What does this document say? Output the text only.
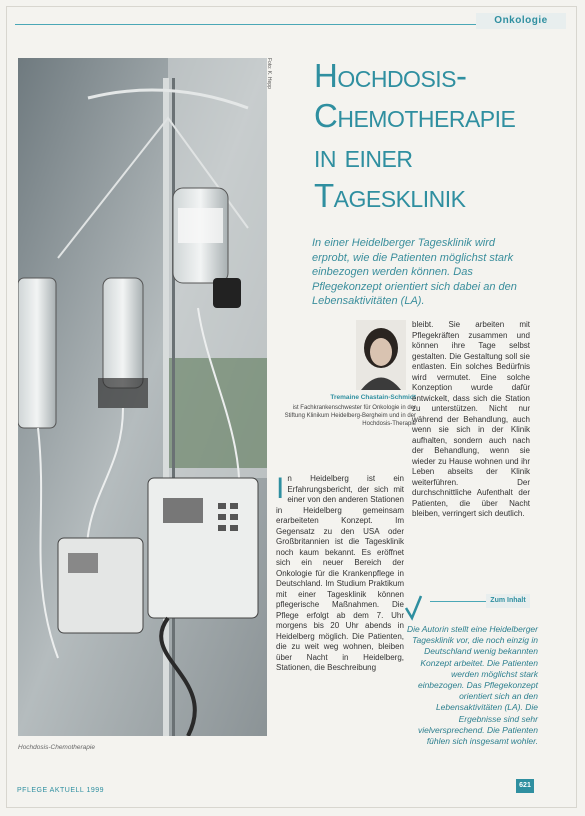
Onkologie
Foto: K. Hepp
Hochdosis-Chemotherapie
Hochdosis-
Chemotherapie
in einer
Tagesklinik
In einer Heidelberger Tagesklinik wird erprobt, wie die Patienten möglichst stark einbezogen werden können. Das Pflegekonzept orientiert sich dabei an den Lebensaktivitäten (LA).
Tremaine Chastain-Schmidt
ist Fachkrankenschwester für Onkologie in der Stiftung Klinikum Heidelberg-Bergheim und in der Hochdosis-Therapie
I n Heidelberg ist ein Erfahrungsbericht, der sich mit einer von den anderen Stationen in Heidelberg gemeinsam erarbeiteten Konzept. Im Gegensatz zu den USA oder Großbritannien ist die Tagesklinik noch kaum bekannt. Es eröffnet sich ein neuer Bereich der Onkologie für die Krankenpflege in Deutschland. Im Studium Praktikum mit einer Tagesklinik können pflegerische Maßnahmen. Die Pflege erfolgt ab dem 7. Uhr morgens bis 20 Uhr abends in Heidelberg möglich. Die Patienten, die zu weit weg wohnen, bleiben über Nacht in Heidelberg, Stationen, die Beschreibung

bleibt. Sie arbeiten mit Pflegekräften zusammen und können ihre Tage selbst gestalten. Die Gestaltung soll sie entlasten. Ein solches Bedürfnis wird vermutet. Eine solche Konzeption wurde dafür entwickelt, dass sich die Station zu unterstützen. Nicht nur während der Behandlung, auch wenn sie sich in der Klinik aufhalten, sondern auch nach der Behandlung, wenn sie wieder zu Hause wohnen und ihr Leben abseits der Klinik weiterführen. Der durchschnittliche Aufenthalt der Patienten, die über Nacht bleiben, verringert sich deutlich.

Zum Inhalt
Die Autorin stellt eine Heidelberger Tagesklinik vor, die noch einzig in Deutschland wenig bekannten Konzept arbeitet. Die Patienten werden möglichst stark einbezogen. Das Pflegekonzept orientiert sich an den Lebensaktivitäten (LA). Die Ergebnisse sind sehr vielversprechend. Die Patienten fühlen sich insgesamt wohler.
PFLEGE AKTUELL 1999
621
